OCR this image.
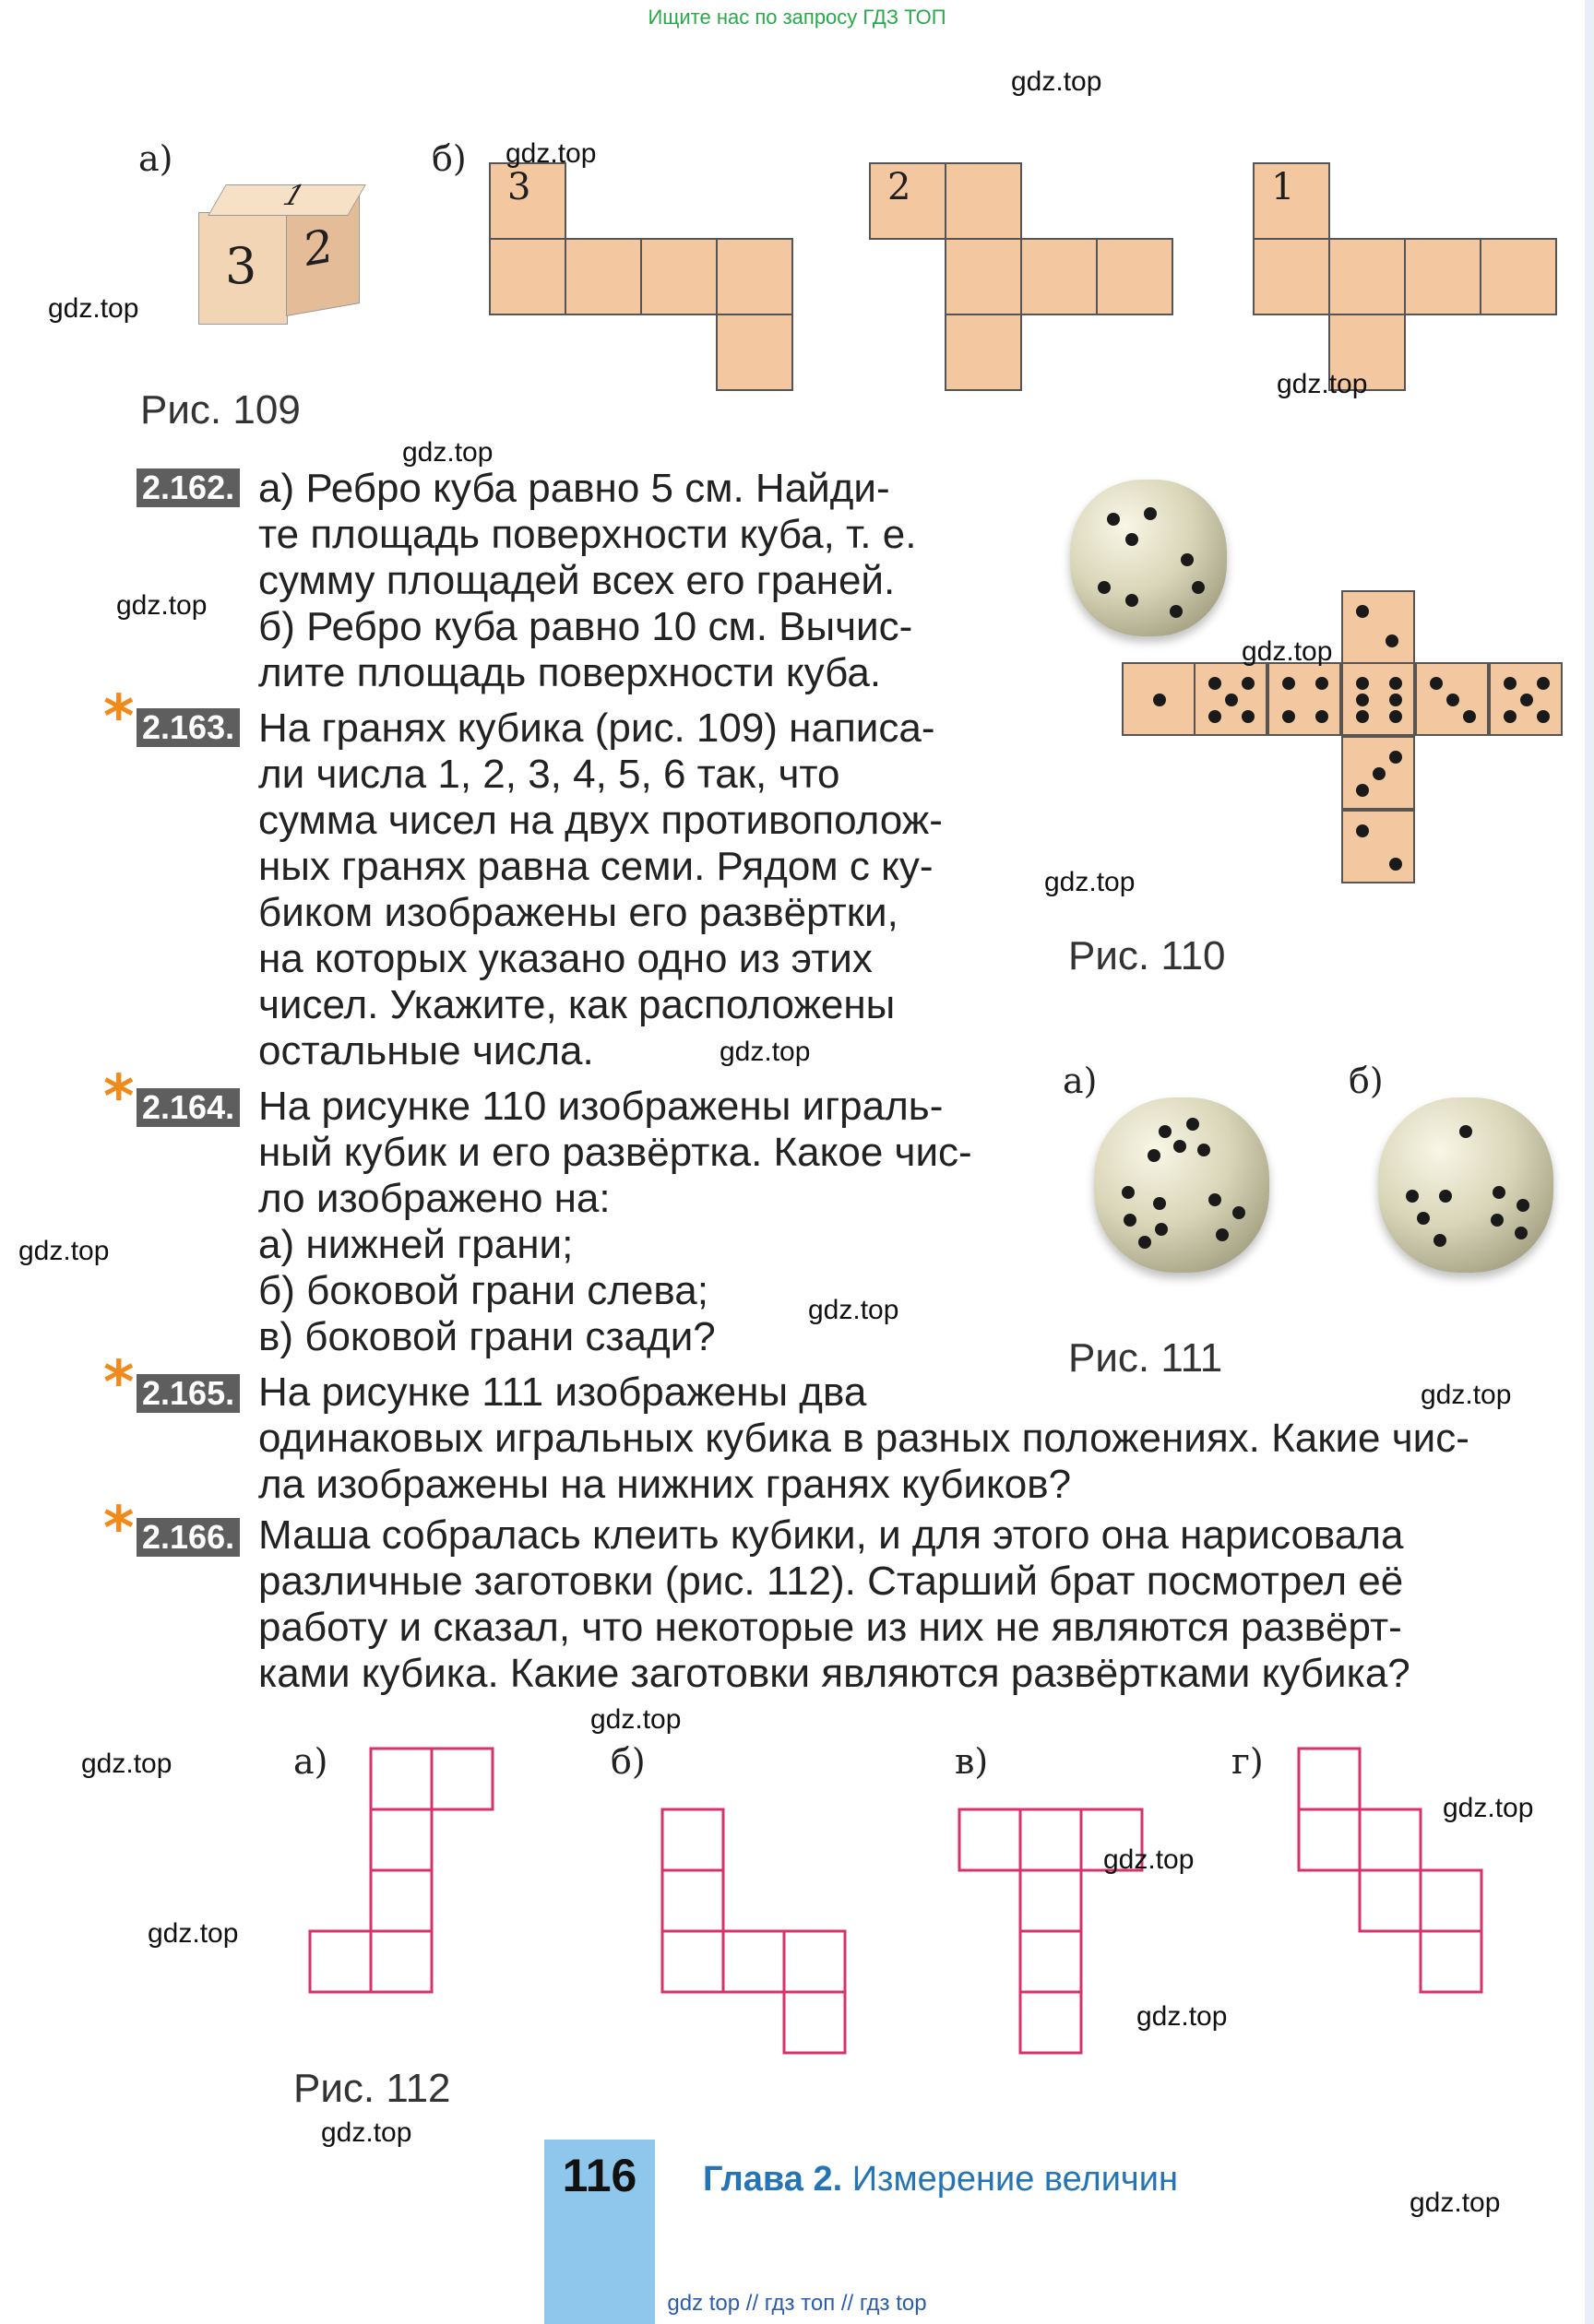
Ищите нас по запросу ГДЗ ТОП
а)
3 2
1
б)
3	2	1
Рис. 109
2.162. а) Ребро куба равно 5 см. Найди-
те площадь поверхности куба, т. е.
сумму площадей всех его граней.
б) Ребро куба равно 10 см. Вычис-
лите площадь поверхности куба.
* 2.163. На гранях кубика (рис. 109) написа-
ли числа 1, 2, 3, 4, 5, 6 так, что
сумма чисел на двух противополож-
ных гранях равна семи. Рядом с ку-
биком изображены его развёртки,
на которых указано одно из этих
чисел. Укажите, как расположены
остальные числа.
Рис. 110
* 2.164. На рисунке 110 изображены играль-
ный кубик и его развёртка. Какое чис-
ло изображено на:
а) нижней грани;
б) боковой грани слева;
в) боковой грани сзади?
а)	б)
Рис. 111
* 2.165. На рисунке 111 изображены два
одинаковых игральных кубика в разных положениях. Какие чис-
ла изображены на нижних гранях кубиков?
* 2.166. Маша собралась клеить кубики, и для этого она нарисовала
различные заготовки (рис. 112). Старший брат посмотрел её
работу и сказал, что некоторые из них не являются развёрт-
ками кубика. Какие заготовки являются развёртками кубика?
а)	б)	в)	г)
Рис. 112
116	Глава 2. Измерение величин
gdz top // гдз топ // гдз top
gdz.top
gdz.top
gdz.top
gdz.top
gdz.top
gdz.top
gdz.top
gdz.top
gdz.top
gdz.top
gdz.top
gdz.top
gdz.top
gdz.top
gdz.top
gdz.top
gdz.top
gdz.top
gdz.top
gdz.top
